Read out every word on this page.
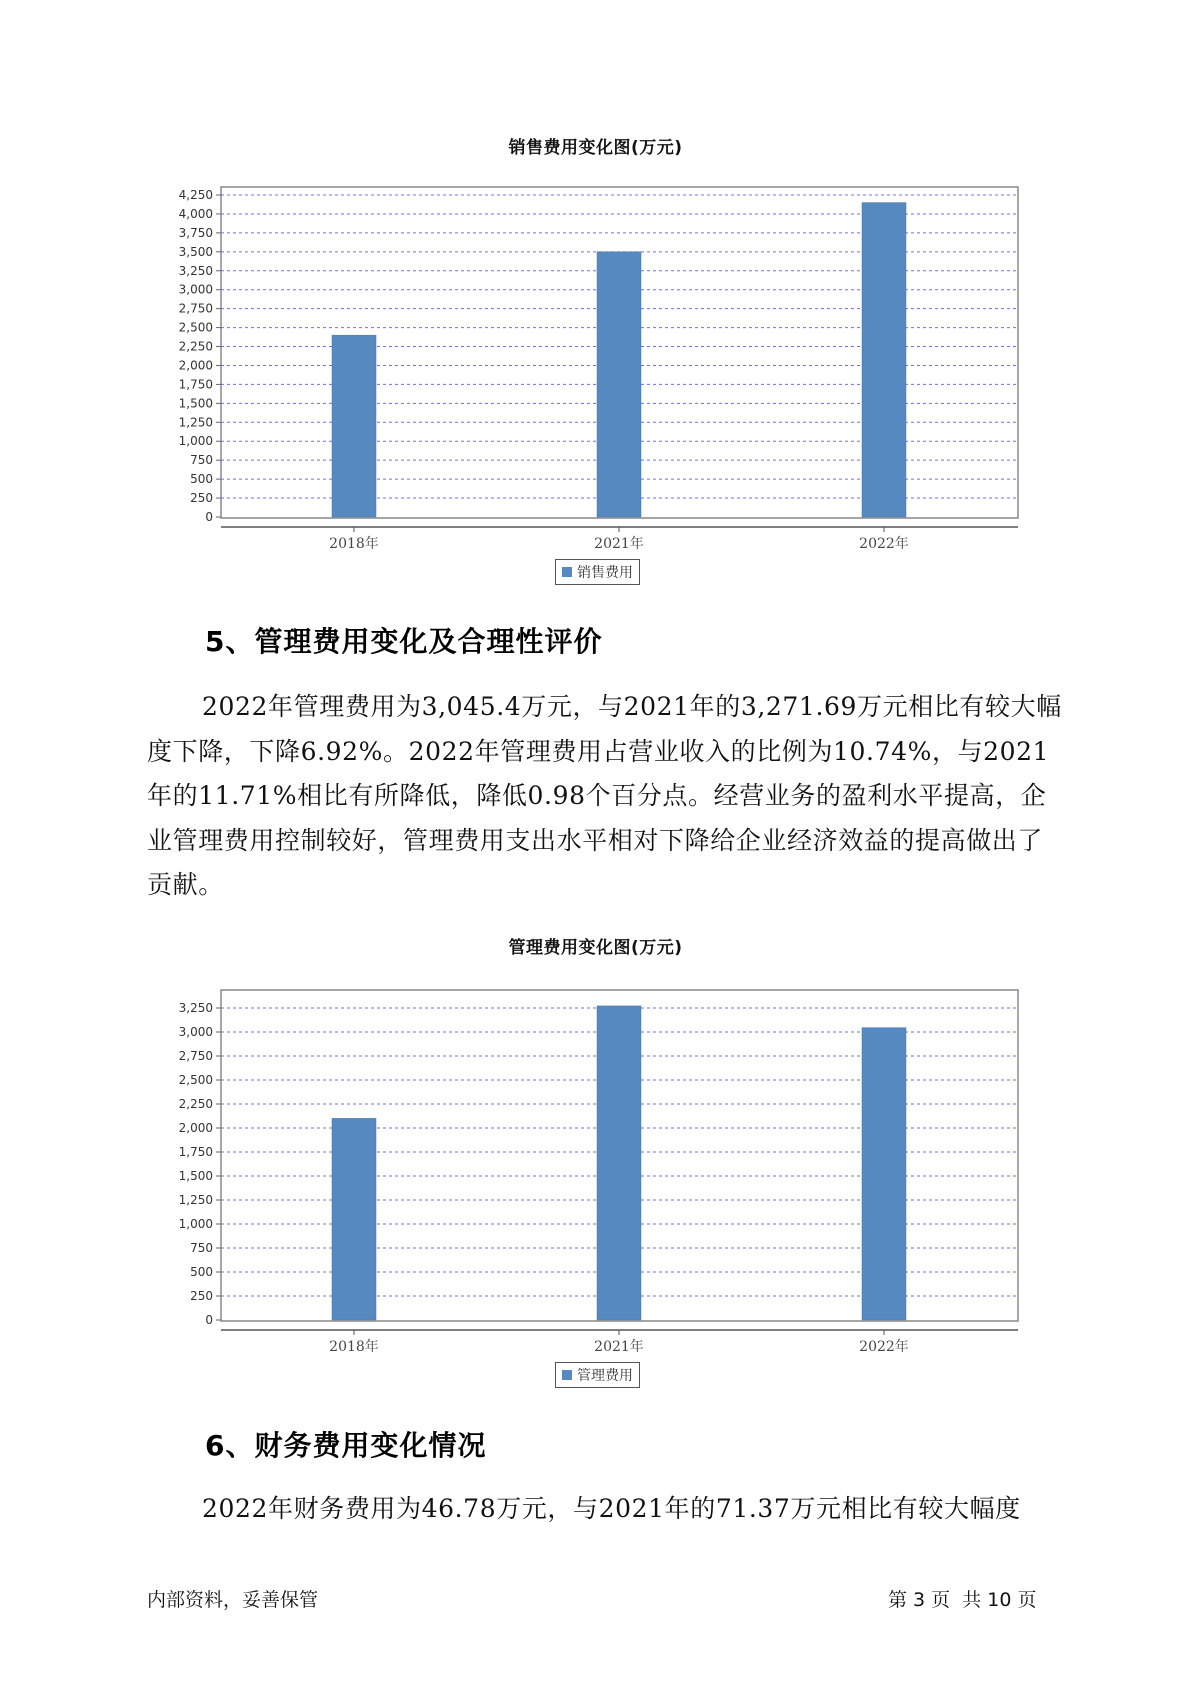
销售费用变化图(万元)
0
250
500
750
1,000
1,250
1,500
1,750
2,000
2,250
2,500
2,750
3,000
3,250
3,500
3,750
4,000
4,250
2018年	2021年	2022年
销售费用
5、管理费用变化及合理性评价

2022年管理费用为3,045.4万元，与2021年的3,271.69万元相比有较大幅度下降，下降6.92%。2022年管理费用占营业收入的比例为10.74%，与2021年的11.71%相比有所降低，降低0.98个百分点。经营业务的盈利水平提高，企业管理费用控制较好，管理费用支出水平相对下降给企业经济效益的提高做出了贡献。

管理费用变化图(万元)
0
250
500
750
1,000
1,250
1,500
1,750
2,000
2,250
2,500
2,750
3,000
3,250
2018年	2021年	2022年
管理费用
6、财务费用变化情况

2022年财务费用为46.78万元，与2021年的71.37万元相比有较大幅度

内部资料，妥善保管	第 3 页  共 10 页
